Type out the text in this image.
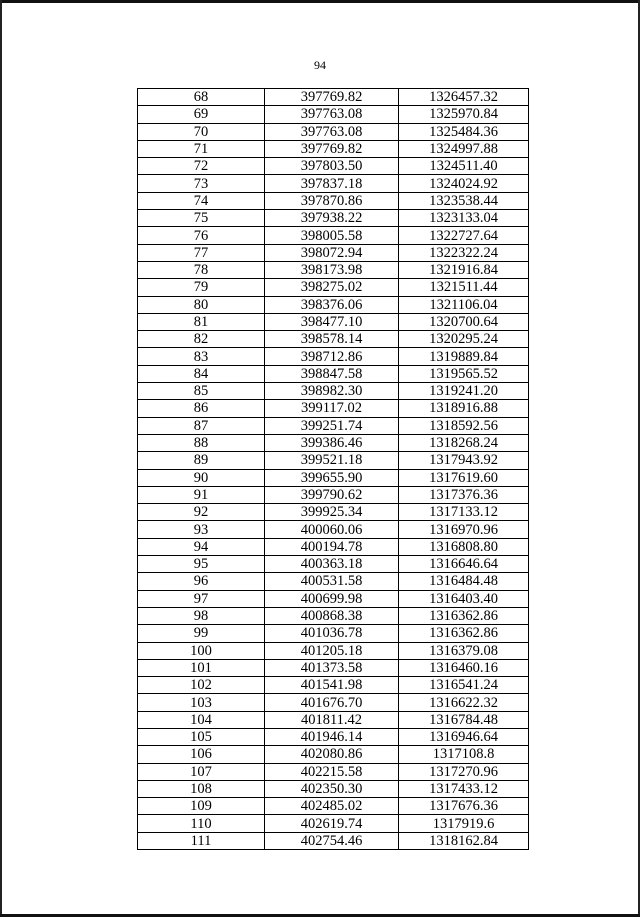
94
68	397769.82	1326457.32
69	397763.08	1325970.84
70	397763.08	1325484.36
71	397769.82	1324997.88
72	397803.50	1324511.40
73	397837.18	1324024.92
74	397870.86	1323538.44
75	397938.22	1323133.04
76	398005.58	1322727.64
77	398072.94	1322322.24
78	398173.98	1321916.84
79	398275.02	1321511.44
80	398376.06	1321106.04
81	398477.10	1320700.64
82	398578.14	1320295.24
83	398712.86	1319889.84
84	398847.58	1319565.52
85	398982.30	1319241.20
86	399117.02	1318916.88
87	399251.74	1318592.56
88	399386.46	1318268.24
89	399521.18	1317943.92
90	399655.90	1317619.60
91	399790.62	1317376.36
92	399925.34	1317133.12
93	400060.06	1316970.96
94	400194.78	1316808.80
95	400363.18	1316646.64
96	400531.58	1316484.48
97	400699.98	1316403.40
98	400868.38	1316362.86
99	401036.78	1316362.86
100	401205.18	1316379.08
101	401373.58	1316460.16
102	401541.98	1316541.24
103	401676.70	1316622.32
104	401811.42	1316784.48
105	401946.14	1316946.64
106	402080.86	1317108.8
107	402215.58	1317270.96
108	402350.30	1317433.12
109	402485.02	1317676.36
110	402619.74	1317919.6
111	402754.46	1318162.84
